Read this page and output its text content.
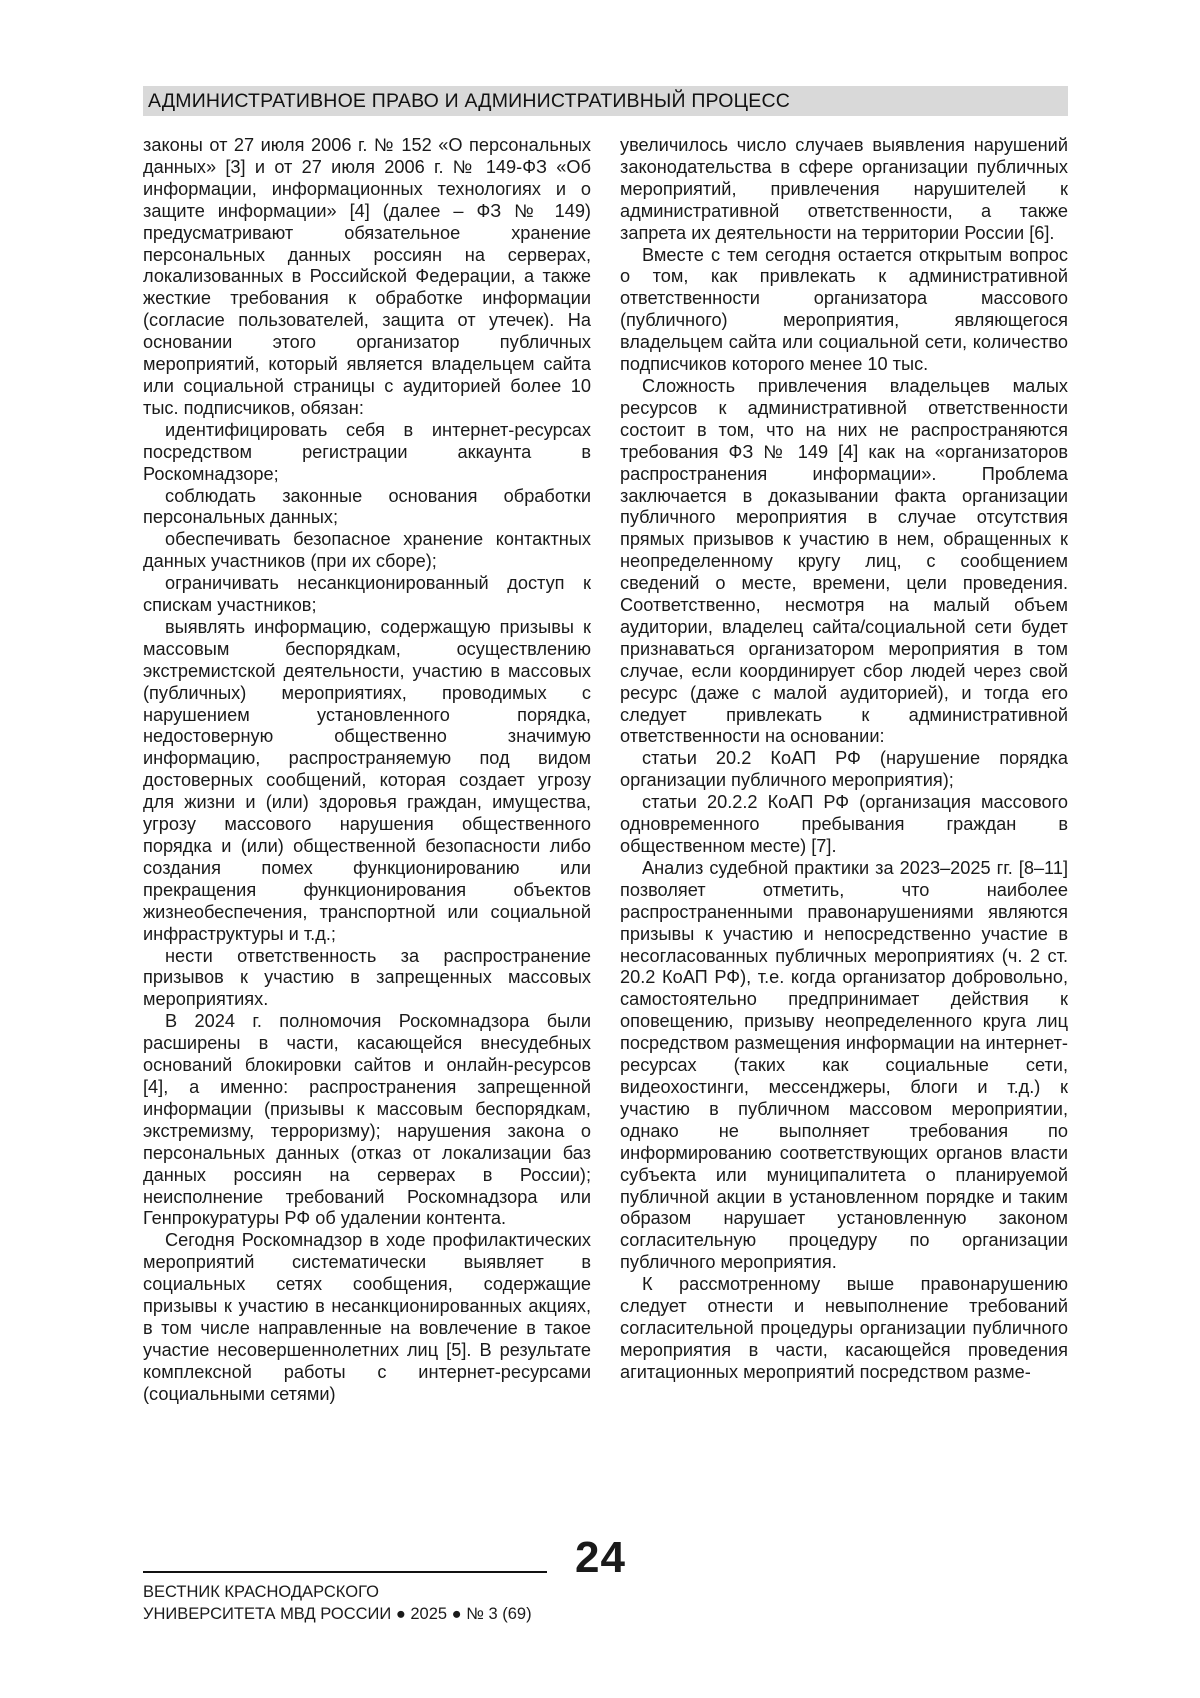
АДМИНИСТРАТИВНОЕ ПРАВО И АДМИНИСТРАТИВНЫЙ ПРОЦЕСС

законы от 27 июля 2006 г. № 152 «О персональных данных» [3] и от 27 июля 2006 г. № 149-ФЗ «Об информации, информационных технологиях и о защите информации» [4] (далее – ФЗ № 149) предусматривают обязательное хранение персональных данных россиян на серверах, локализованных в Российской Федерации, а также жесткие требования к обработке информации (согласие пользователей, защита от утечек). На основании этого организатор публичных мероприятий, который является владельцем сайта или социальной страницы с аудиторией более 10 тыс. подписчиков, обязан:

идентифицировать себя в интернет-ресурсах посредством регистрации аккаунта в Роскомнадзоре;

соблюдать законные основания обработки персональных данных;

обеспечивать безопасное хранение контактных данных участников (при их сборе);

ограничивать несанкционированный доступ к спискам участников;

выявлять информацию, содержащую призывы к массовым беспорядкам, осуществлению экстремистской деятельности, участию в массовых (публичных) мероприятиях, проводимых с нарушением установленного порядка, недостоверную общественно значимую информацию, распространяемую под видом достоверных сообщений, которая создает угрозу для жизни и (или) здоровья граждан, имущества, угрозу массового нарушения общественного порядка и (или) общественной безопасности либо создания помех функционированию или прекращения функционирования объектов жизнеобеспечения, транспортной или социальной инфраструктуры и т.д.;

нести ответственность за распространение призывов к участию в запрещенных массовых мероприятиях.

В 2024 г. полномочия Роскомнадзора были расширены в части, касающейся внесудебных оснований блокировки сайтов и онлайн-ресурсов [4], а именно: распространения запрещенной информации (призывы к массовым беспорядкам, экстремизму, терроризму); нарушения закона о персональных данных (отказ от локализации баз данных россиян на серверах в России); неисполнение требований Роскомнадзора или Генпрокуратуры РФ об удалении контента.

Сегодня Роскомнадзор в ходе профилактических мероприятий систематически выявляет в социальных сетях сообщения, содержащие призывы к участию в несанкционированных акциях, в том числе направленные на вовлечение в такое участие несовершеннолетних лиц [5]. В результате комплексной работы с интернет-ресурсами (социальными сетями)

увеличилось число случаев выявления нарушений законодательства в сфере организации публичных мероприятий, привлечения нарушителей к административной ответственности, а также запрета их деятельности на территории России [6].

Вместе с тем сегодня остается открытым вопрос о том, как привлекать к административной ответственности организатора массового (публичного) мероприятия, являющегося владельцем сайта или социальной сети, количество подписчиков которого менее 10 тыс.

Сложность привлечения владельцев малых ресурсов к административной ответственности состоит в том, что на них не распространяются требования ФЗ № 149 [4] как на «организаторов распространения информации». Проблема заключается в доказывании факта организации публичного мероприятия в случае отсутствия прямых призывов к участию в нем, обращенных к неопределенному кругу лиц, с сообщением сведений о месте, времени, цели проведения. Соответственно, несмотря на малый объем аудитории, владелец сайта/социальной сети будет признаваться организатором мероприятия в том случае, если координирует сбор людей через свой ресурс (даже с малой аудиторией), и тогда его следует привлекать к административной ответственности на основании:

статьи 20.2 КоАП РФ (нарушение порядка организации публичного мероприятия);

статьи 20.2.2 КоАП РФ (организация массового одновременного пребывания граждан в общественном месте) [7].

Анализ судебной практики за 2023–2025 гг. [8–11] позволяет отметить, что наиболее распространенными правонарушениями являются призывы к участию и непосредственно участие в несогласованных публичных мероприятиях (ч. 2 ст. 20.2 КоАП РФ), т.е. когда организатор добровольно, самостоятельно предпринимает действия к оповещению, призыву неопределенного круга лиц посредством размещения информации на интернет-ресурсах (таких как социальные сети, видеохостинги, мессенджеры, блоги и т.д.) к участию в публичном массовом мероприятии, однако не выполняет требования по информированию соответствующих органов власти субъекта или муниципалитета о планируемой публичной акции в установленном порядке и таким образом нарушает установленную законом согласительную процедуру по организации публичного мероприятия.

К рассмотренному выше правонарушению следует отнести и невыполнение требований согласительной процедуры организации публичного мероприятия в части, касающейся проведения агитационных мероприятий посредством разме-

24
ВЕСТНИК КРАСНОДАРСКОГО
УНИВЕРСИТЕТА МВД РОССИИ ● 2025 ● № 3 (69)
